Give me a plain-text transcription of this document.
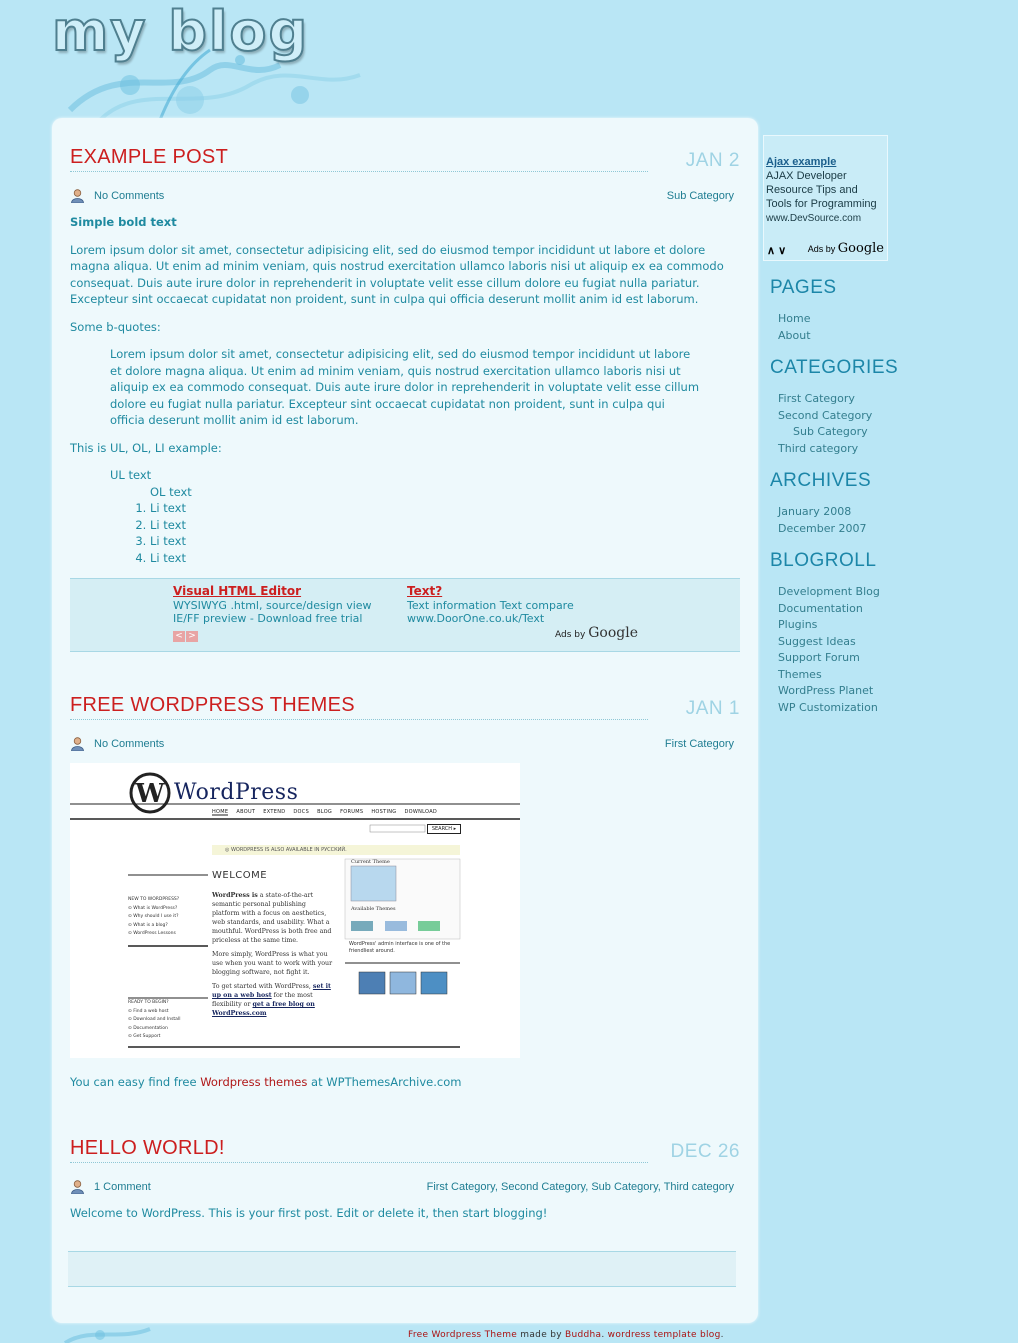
my blog
EXAMPLE POST	JAN 2
No Comments	Sub Category

Simple bold text

Lorem ipsum dolor sit amet, consectetur adipisicing elit, sed do eiusmod tempor incididunt ut labore et dolore magna aliqua. Ut enim ad minim veniam, quis nostrud exercitation ullamco laboris nisi ut aliquip ex ea commodo consequat. Duis aute irure dolor in reprehenderit in voluptate velit esse cillum dolore eu fugiat nulla pariatur. Excepteur sint occaecat cupidatat non proident, sunt in culpa qui officia deserunt mollit anim id est laborum.

Some b-quotes:

Lorem ipsum dolor sit amet, consectetur adipisicing elit, sed do eiusmod tempor incididunt ut labore et dolore magna aliqua. Ut enim ad minim veniam, quis nostrud exercitation ullamco laboris nisi ut aliquip ex ea commodo consequat. Duis aute irure dolor in reprehenderit in voluptate velit esse cillum dolore eu fugiat nulla pariatur. Excepteur sint occaecat cupidatat non proident, sunt in culpa qui officia deserunt mollit anim id est laborum.

This is UL, OL, LI example:

UL text
OL text
1. Li text
2. Li text
3. Li text
4. Li text
Visual HTML Editor
WYSIWYG .html, source/design view
IE/FF preview - Download free trial
Text?
Text information Text compare
www.DoorOne.co.uk/Text
< >	Ads by Google
FREE WORDPRESS THEMES	JAN 1
No Comments	First Category
W WordPress
HOME ABOUT EXTEND DOCS BLOG FORUMS HOSTING DOWNLOAD
SEARCH ▸
◎ WORDPRESS IS ALSO AVAILABLE IN РУССКИЙ.
WELCOME
WordPress is a state-of-the-art semantic personal publishing platform with a focus on aesthetics, web standards, and usability. What a mouthful. WordPress is both free and priceless at the same time.
More simply, WordPress is what you use when you want to work with your blogging software, not fight it.
To get started with WordPress, set it up on a web host for the most flexibility or get a free blog on WordPress.com
NEW TO WORDPRESS?
⊙ What is WordPress?
⊙ Why should I use it?
⊙ What is a blog?
⊙ WordPress Lessons
READY TO BEGIN?
⊙ Find a web host
⊙ Download and Install
⊙ Documentation
⊙ Get Support
Current Theme
Available Themes
WordPress' admin interface is one of the friendliest around.

You can easy find free Wordpress themes at WPThemesArchive.com

HELLO WORLD!	DEC 26
1 Comment	First Category, Second Category, Sub Category, Third category

Welcome to WordPress. This is your first post. Edit or delete it, then start blogging!

Ajax example
AJAX Developer Resource Tips and Tools for Programming
www.DevSource.com
∧ ∨ Ads by Google
PAGES
Home
About
CATEGORIES
First Category
Second Category
Sub Category
Third category
ARCHIVES
January 2008
December 2007
BLOGROLL
Development Blog
Documentation
Plugins
Suggest Ideas
Support Forum
Themes
WordPress Planet
WP Customization
Free Wordpress Theme made by Buddha. wordress template blog.
